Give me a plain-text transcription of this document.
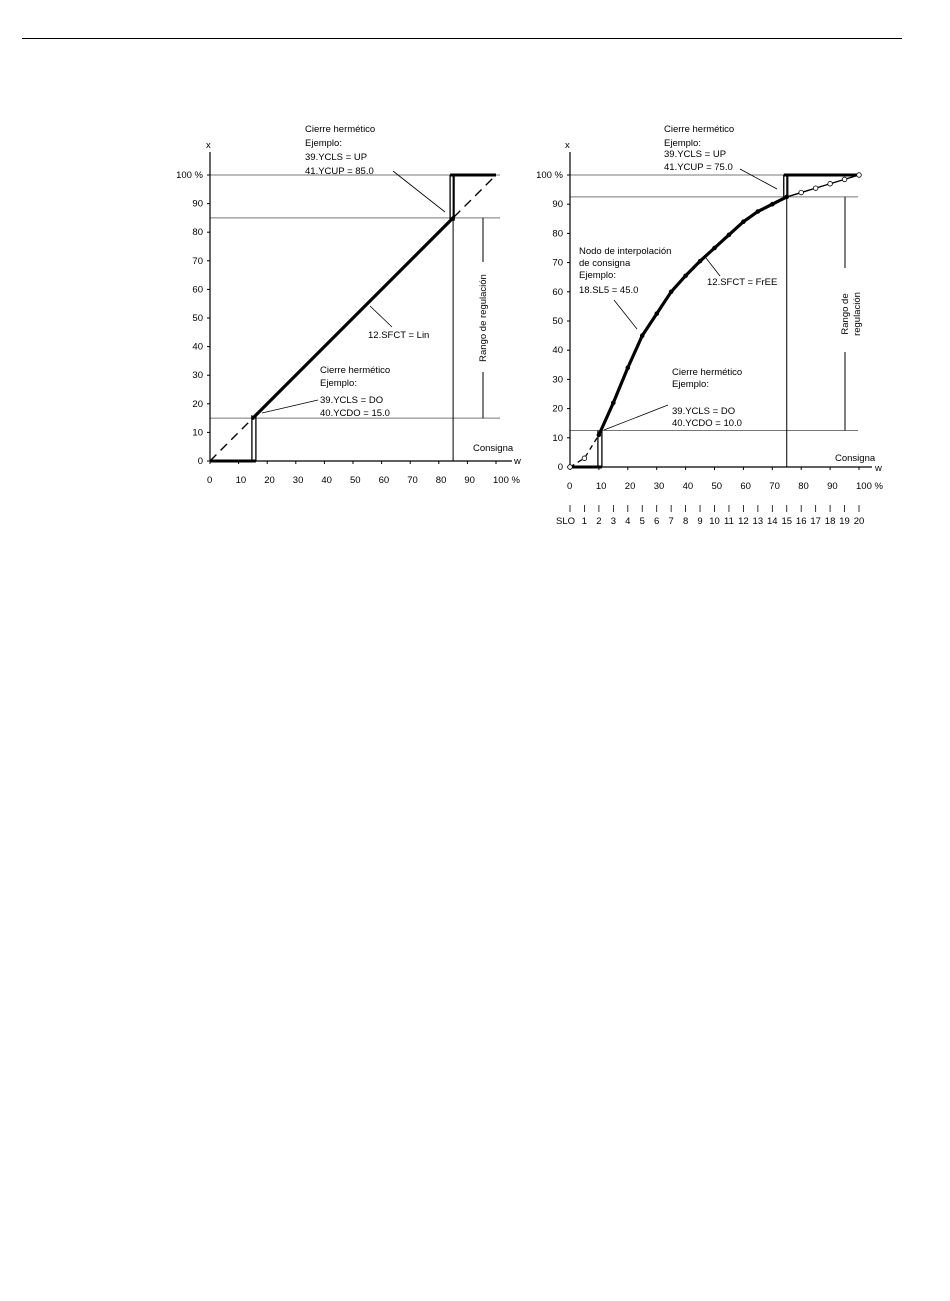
Cierre hermético
Ejemplo:
39.YCLS = UP
41.YCUP = 85.0
Cierre hermético
Ejemplo:
39.YCLS = DO
40.YCDO = 15.0
12.SFCT = Lin
Consigna
w
x
Rango de regulación
0
10
20
30
40
50
60
70
80
90
100 %
0 10 20 30 40 50 60 70 80 90 100 %
Cierre hermético
Ejemplo:
39.YCLS = UP
41.YCUP = 75.0
Nodo de interpolación
de consigna
Ejemplo:
18.SL5 = 45.0
Cierre hermético
Ejemplo:
39.YCLS = DO
40.YCDO = 10.0
12.SFCT = FrEE
Consigna
w
x
Rango de regulación
0
10
20
30
40
50
60
70
80
90
100 %
0 10 20 30 40 50 60 70 80 90 100 %
SLO 1 2 3 4 5 6 7 8 9 10 11 12 13 14 15 16 17 18 19 20
